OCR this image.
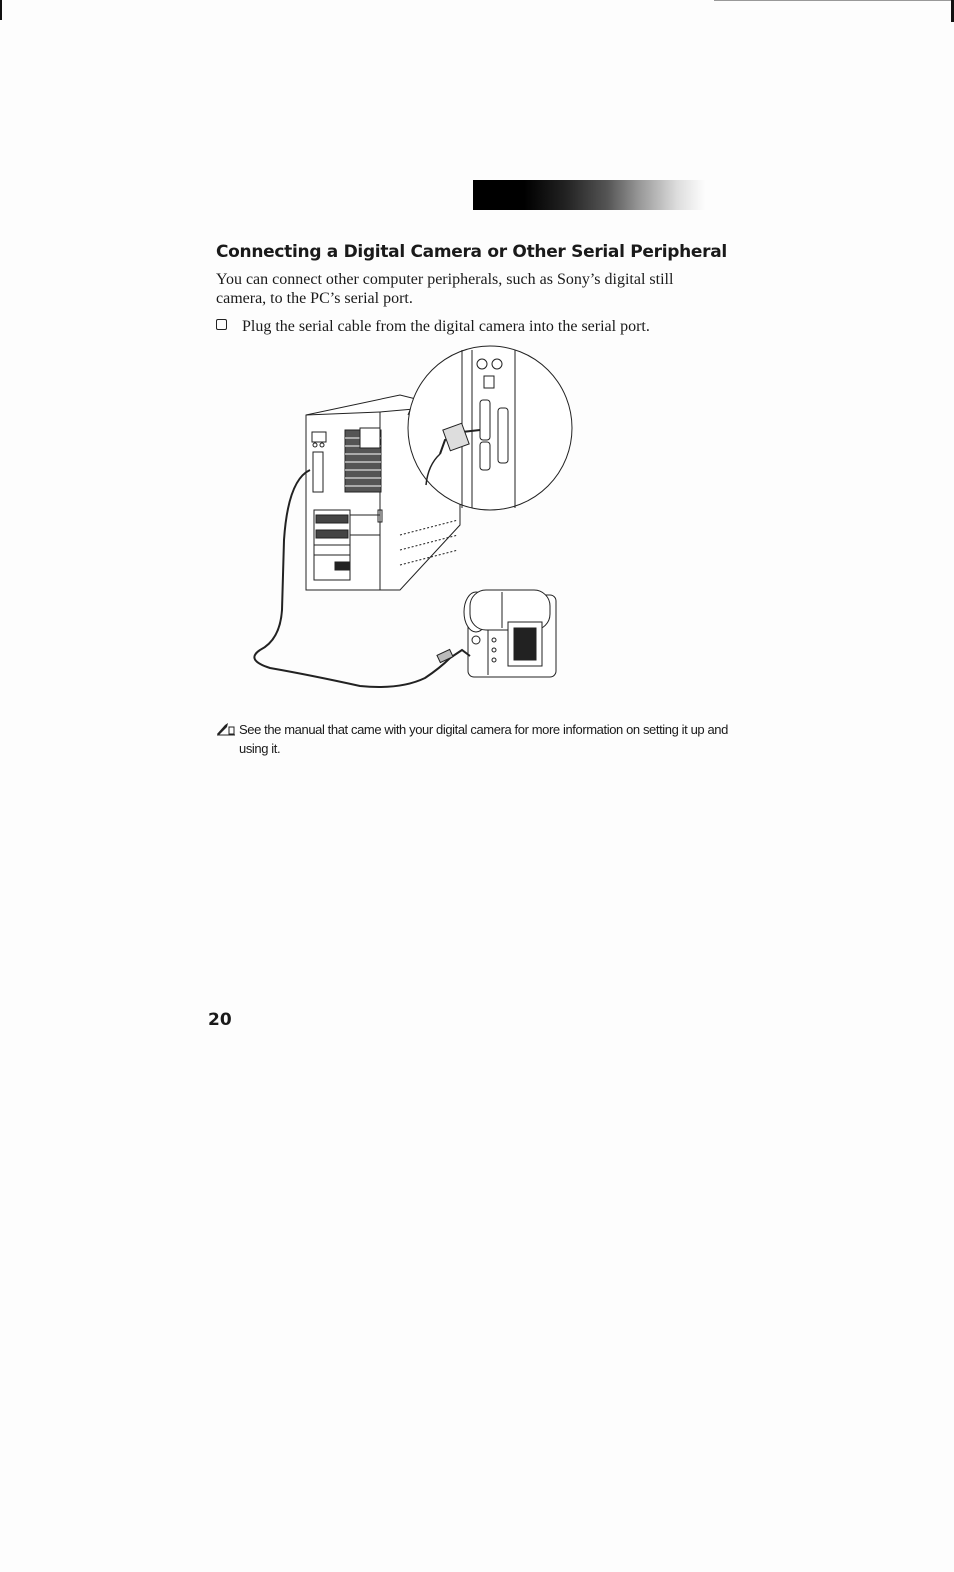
Connecting a Digital Camera or Other Serial Peripheral

You can connect other computer peripherals, such as Sony’s digital still camera, to the PC’s serial port.

Plug the serial cable from the digital camera into the serial port.
See the manual that came with your digital camera for more information on setting it up and using it.
20
